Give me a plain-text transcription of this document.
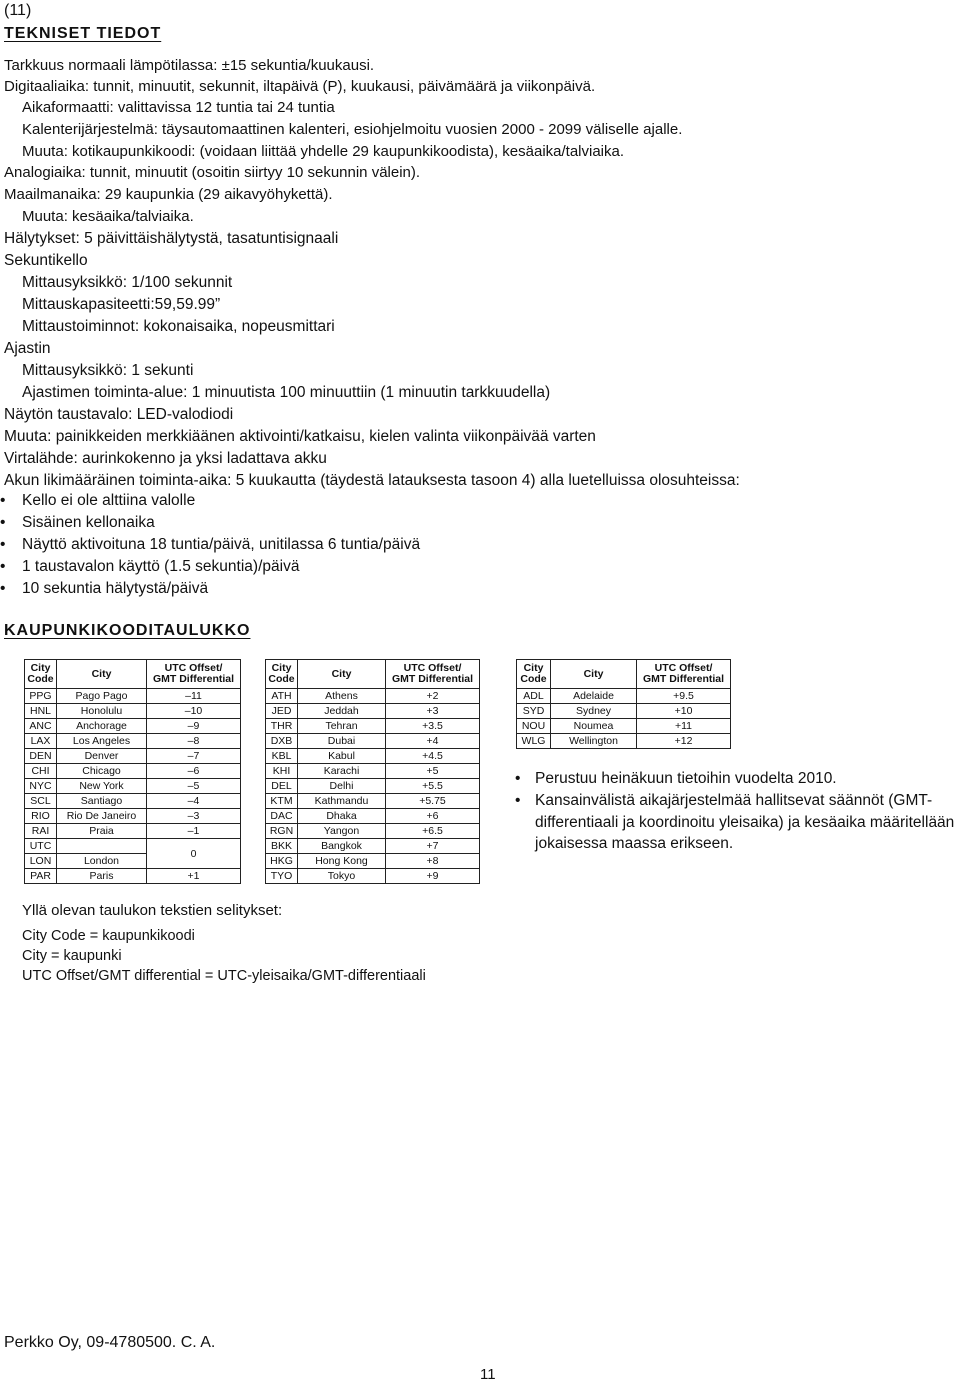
(11)
TEKNISET TIEDOT
Tarkkuus normaali lämpötilassa: ±15 sekuntia/kuukausi.
Digitaaliaika: tunnit, minuutit, sekunnit, iltapäivä (P), kuukausi, päivämäärä ja viikonpäivä.
Aikaformaatti: valittavissa 12 tuntia tai 24 tuntia
Kalenterijärjestelmä: täysautomaattinen kalenteri, esiohjelmoitu vuosien 2000 - 2099 väliselle ajalle.
Muuta: kotikaupunkikoodi: (voidaan liittää yhdelle 29 kaupunkikoodista), kesäaika/talviaika.
Analogiaika: tunnit, minuutit (osoitin siirtyy 10 sekunnin välein).
Maailmanaika: 29 kaupunkia (29 aikavyöhykettä).
Muuta: kesäaika/talviaika.
Hälytykset: 5 päivittäishälytystä, tasatuntisignaali
Sekuntikello
Mittausyksikkö: 1/100 sekunnit
Mittauskapasiteetti:59,59.99”
Mittaustoiminnot: kokonaisaika, nopeusmittari
Ajastin
Mittausyksikkö: 1 sekunti
Ajastimen toiminta-alue: 1 minuutista 100 minuuttiin (1 minuutin tarkkuudella)
Näytön taustavalo: LED-valodiodi
Muuta: painikkeiden merkkiäänen aktivointi/katkaisu, kielen valinta viikonpäivää varten
Virtalähde: aurinkokenno ja yksi ladattava akku
Akun likimääräinen toiminta-aika: 5 kuukautta (täydestä latauksesta tasoon 4) alla luetelluissa olosuhteissa:
• Kello ei ole alttiina valolle
• Sisäinen kellonaika
• Näyttö aktivoituna 18 tuntia/päivä, unitilassa 6 tuntia/päivä
• 1 taustavalon käyttö (1.5 sekuntia)/päivä
• 10 sekuntia hälytystä/päivä
KAUPUNKIKOODITAULUKKO
City
Code	City	UTC Offset/
GMT Differential
PPG	Pago Pago	–11
HNL	Honolulu	–10
ANC	Anchorage	–9
LAX	Los Angeles	–8
DEN	Denver	–7
CHI	Chicago	–6
NYC	New York	–5
SCL	Santiago	–4
RIO	Rio De Janeiro	–3
RAI	Praia	–1
UTC		0
LON	London	
PAR	Paris	+1
City
Code	City	UTC Offset/
GMT Differential
ATH	Athens	+2
JED	Jeddah	+3
THR	Tehran	+3.5
DXB	Dubai	+4
KBL	Kabul	+4.5
KHI	Karachi	+5
DEL	Delhi	+5.5
KTM	Kathmandu	+5.75
DAC	Dhaka	+6
RGN	Yangon	+6.5
BKK	Bangkok	+7
HKG	Hong Kong	+8
TYO	Tokyo	+9
City
Code	City	UTC Offset/
GMT Differential
ADL	Adelaide	+9.5
SYD	Sydney	+10
NOU	Noumea	+11
WLG	Wellington	+12
• Perustuu heinäkuun tietoihin vuodelta 2010.
• Kansainvälistä aikajärjestelmää hallitsevat säännöt (GMT-differentiaali ja koordinoitu yleisaika) ja kesäaika määritellään jokaisessa maassa erikseen.
Yllä olevan taulukon tekstien selitykset:
City Code = kaupunkikoodi
City = kaupunki
UTC Offset/GMT differential = UTC-yleisaika/GMT-differentiaali
Perkko Oy, 09-4780500. C. A.
11
